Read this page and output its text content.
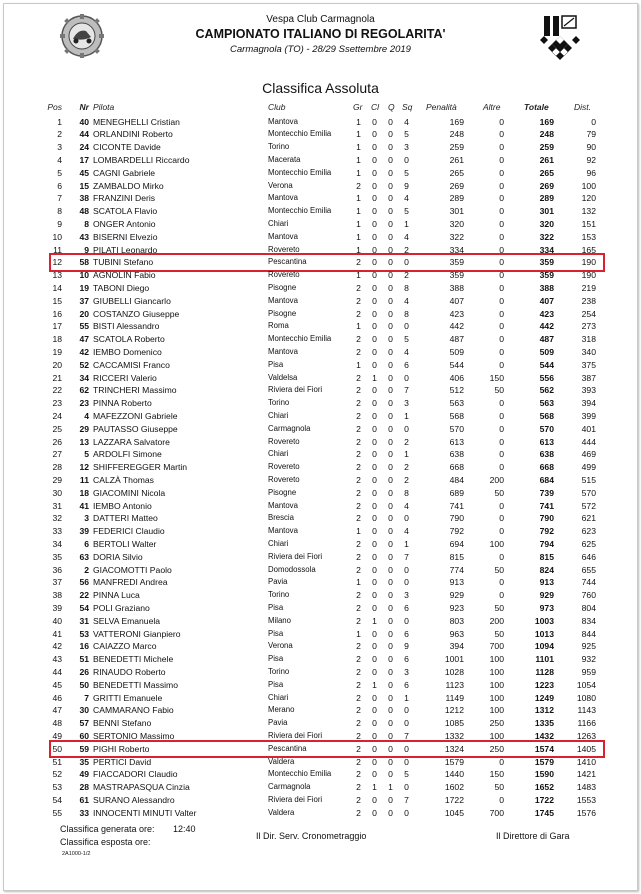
Vespa Club Carmagnola
CAMPIONATO ITALIANO DI REGOLARITA'
Carmagnola (TO) - 28/29 Ssettembre 2019
Classifica Assoluta
Pos	Nr Pilota	Club	Gr Cl Q Sq Penalità	Altre	Totale	Dist.
1	40 MENEGHELLI Cristian	Mantova	1 0 0 4	169	0	169	0
2	44 ORLANDINI Roberto	Montecchio Emilia	1 0 0 5	248	0	248	79
3	24 CICONTE Davide	Torino	1 0 0 3	259	0	259	90
4	17 LOMBARDELLI Riccardo	Macerata	1 0 0 0	261	0	261	92
5	45 CAGNI Gabriele	Montecchio Emilia	1 0 0 5	265	0	265	96
6	15 ZAMBALDO Mirko	Verona	2 0 0 9	269	0	269	100
7	38 FRANZINI Deris	Mantova	1 0 0 4	289	0	289	120
8	48 SCATOLA Flavio	Montecchio Emilia	1 0 0 5	301	0	301	132
9	8 ONGER Antonio	Chiari	1 0 0 1	320	0	320	151
10	43 BISERNI Elvezio	Mantova	1 0 0 4	322	0	322	153
11	9 PILATI Leonardo	Rovereto	1 0 0 2	334	0	334	165
12	58 TUBINI Stefano	Pescantina	2 0 0 0	359	0	359	190
13	10 AGNOLIN Fabio	Rovereto	1 0 0 2	359	0	359	190
14	19 TABONI Diego	Pisogne	2 0 0 8	388	0	388	219
15	37 GIUBELLI Giancarlo	Mantova	2 0 0 4	407	0	407	238
16	20 COSTANZO Giuseppe	Pisogne	2 0 0 8	423	0	423	254
17	55 BISTI Alessandro	Roma	1 0 0 0	442	0	442	273
18	47 SCATOLA Roberto	Montecchio Emilia	2 0 0 5	487	0	487	318
19	42 IEMBO Domenico	Mantova	2 0 0 4	509	0	509	340
20	52 CACCAMISI Franco	Pisa	1 0 0 6	544	0	544	375
21	34 RICCERI Valerio	Valdelsa	2 1 0 0	406	150	556	387
22	62 TRINCHERI Massimo	Riviera dei Fiori	2 0 0 7	512	50	562	393
23	23 PINNA Roberto	Torino	2 0 0 3	563	0	563	394
24	4 MAFEZZONI Gabriele	Chiari	2 0 0 1	568	0	568	399
25	29 PAUTASSO Giuseppe	Carmagnola	2 0 0 0	570	0	570	401
26	13 LAZZARA Salvatore	Rovereto	2 0 0 2	613	0	613	444
27	5 ARDOLFI Simone	Chiari	2 0 0 1	638	0	638	469
28	12 SHIFFEREGGER Martin	Rovereto	2 0 0 2	668	0	668	499
29	11 CALZÀ Thomas	Rovereto	2 0 0 2	484	200	684	515
30	18 GIACOMINI Nicola	Pisogne	2 0 0 8	689	50	739	570
31	41 IEMBO Antonio	Mantova	2 0 0 4	741	0	741	572
32	3 DATTERI Matteo	Brescia	2 0 0 0	790	0	790	621
33	39 FEDERICI Claudio	Mantova	1 0 0 4	792	0	792	623
34	6 BERTOLI Walter	Chiari	2 0 0 1	694	100	794	625
35	63 DORIA Silvio	Riviera dei Fiori	2 0 0 7	815	0	815	646
36	2 GIACOMOTTI Paolo	Domodossola	2 0 0 0	774	50	824	655
37	56 MANFREDI Andrea	Pavia	1 0 0 0	913	0	913	744
38	22 PINNA Luca	Torino	2 0 0 3	929	0	929	760
39	54 POLI Graziano	Pisa	2 0 0 6	923	50	973	804
40	31 SELVA Emanuela	Milano	2 1 0 0	803	200	1003	834
41	53 VATTERONI Gianpiero	Pisa	1 0 0 6	963	50	1013	844
42	16 CAIAZZO Marco	Verona	2 0 0 9	394	700	1094	925
43	51 BENEDETTI Michele	Pisa	2 0 0 6	1001	100	1101	932
44	26 RINAUDO Roberto	Torino	2 0 0 3	1028	100	1128	959
45	50 BENEDETTI Massimo	Pisa	2 1 0 6	1123	100	1223	1054
46	7 GRITTI Emanuele	Chiari	2 0 0 1	1149	100	1249	1080
47	30 CAMMARANO Fabio	Merano	2 0 0 0	1212	100	1312	1143
48	57 BENNI Stefano	Pavia	2 0 0 0	1085	250	1335	1166
49	60 SERTONIO Massimo	Riviera dei Fiori	2 0 0 7	1332	100	1432	1263
50	59 PIGHI Roberto	Pescantina	2 0 0 0	1324	250	1574	1405
51	35 PERTICI David	Valdera	2 0 0 0	1579	0	1579	1410
52	49 FIACCADORI Claudio	Montecchio Emilia	2 0 0 5	1440	150	1590	1421
53	28 MASTRAPASQUA Cinzia	Carmagnola	2 1 1 0	1602	50	1652	1483
54	61 SURANO Alessandro	Riviera dei Fiori	2 0 0 7	1722	0	1722	1553
55	33 INNOCENTI MINUTI Valter	Valdera	2 0 0 0	1045	700	1745	1576
Classifica generata ore: 12:40
Classifica esposta ore:
2A1000-1/2
Il Dir. Serv. Cronometraggio	Il Direttore di Gara
